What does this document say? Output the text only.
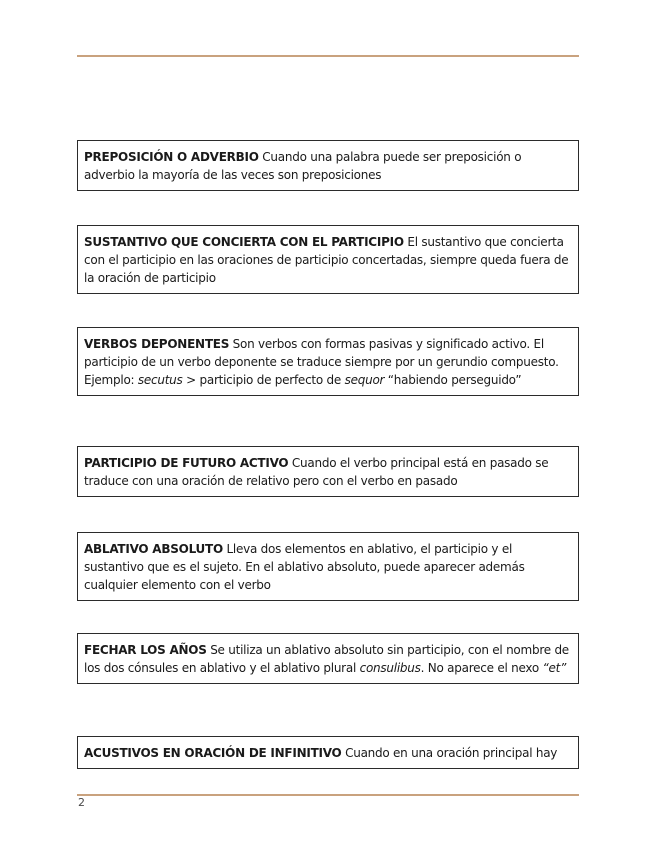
PREPOSICIÓN O ADVERBIO Cuando una palabra puede ser preposición o adverbio la mayoría de las veces son preposiciones
SUSTANTIVO QUE CONCIERTA CON EL PARTICIPIO El sustantivo que concierta con el participio en las oraciones de participio concertadas, siempre queda fuera de la oración de participio
VERBOS DEPONENTES Son verbos con formas pasivas y significado activo. El participio de un verbo deponente se traduce siempre por un gerundio compuesto.
Ejemplo: secutus > participio de perfecto de sequor “habiendo perseguido”
PARTICIPIO DE FUTURO ACTIVO Cuando el verbo principal está en pasado se traduce con una oración de relativo pero con el verbo en pasado
ABLATIVO ABSOLUTO Lleva dos elementos en ablativo, el participio y el sustantivo que es el sujeto. En el ablativo absoluto, puede aparecer además cualquier elemento con el verbo
FECHAR LOS AÑOS Se utiliza un ablativo absoluto sin participio, con el nombre de los dos cónsules en ablativo y el ablativo plural consulibus. No aparece el nexo “et”
ACUSTIVOS EN ORACIÓN DE INFINITIVO Cuando en una oración principal hay
2
